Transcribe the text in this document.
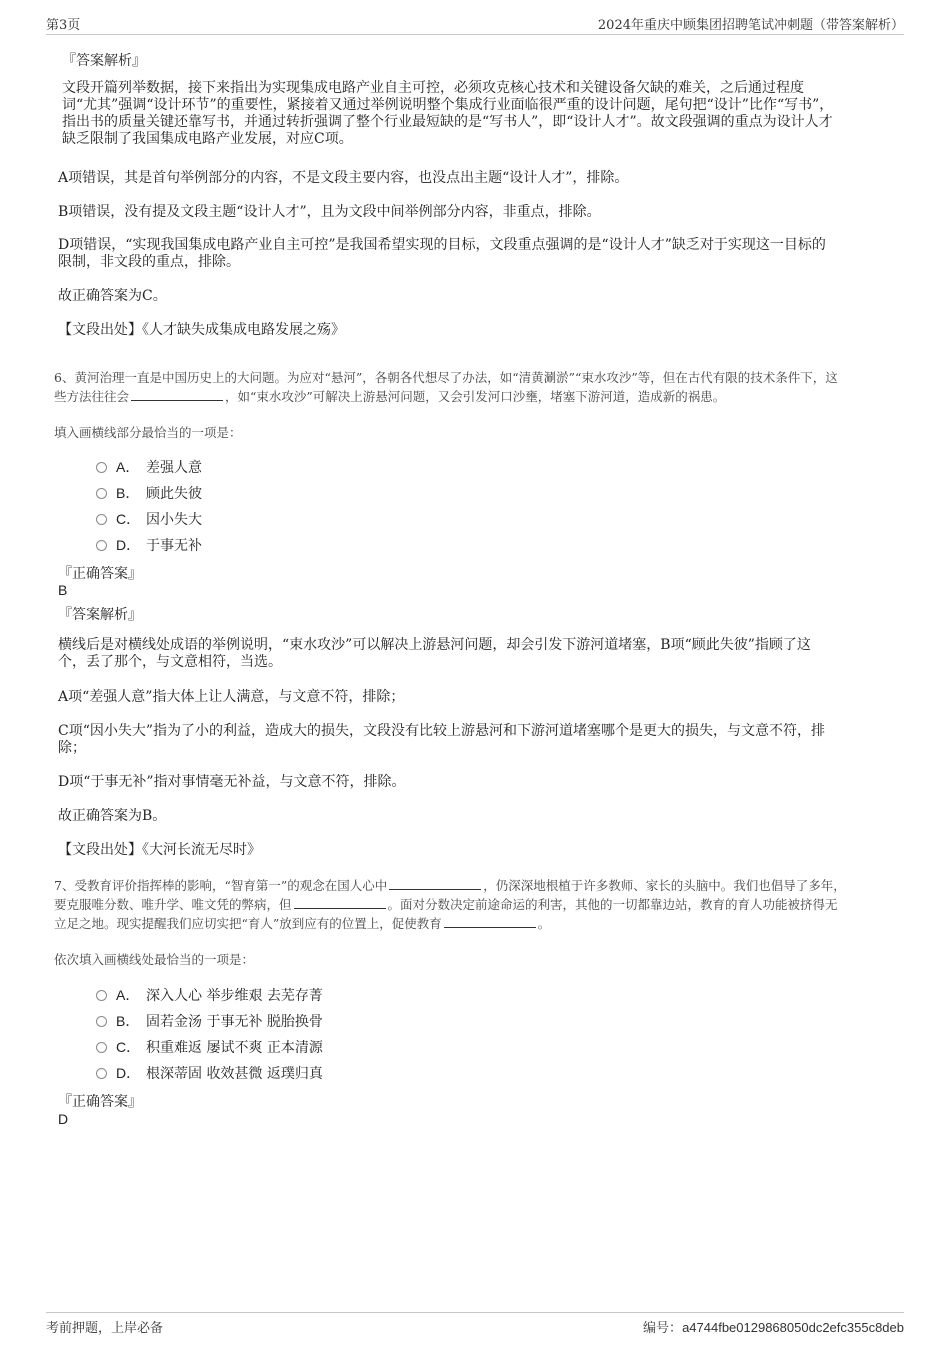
第3页	2024年重庆中顾集团招聘笔试冲刺题（带答案解析）
『答案解析』
文段开篇列举数据，接下来指出为实现集成电路产业自主可控，必须攻克核心技术和关键设备欠缺的难关，之后通过程度
词“尤其”强调“设计环节”的重要性，紧接着又通过举例说明整个集成行业面临很严重的设计问题，尾句把“设计”比作“写书”，
指出书的质量关键还靠写书，并通过转折强调了整个行业最短缺的是“写书人”，即“设计人才”。故文段强调的重点为设计人才
缺乏限制了我国集成电路产业发展，对应C项。
A项错误，其是首句举例部分的内容，不是文段主要内容，也没点出主题“设计人才”，排除。
B项错误，没有提及文段主题“设计人才”，且为文段中间举例部分内容，非重点，排除。
D项错误，“实现我国集成电路产业自主可控”是我国希望实现的目标，文段重点强调的是“设计人才”缺乏对于实现这一目标的
限制，非文段的重点，排除。
故正确答案为C。
【文段出处】《人才缺失成集成电路发展之殇》
6、黄河治理一直是中国历史上的大问题。为应对“悬河”，各朝各代想尽了办法，如“清黄涮淤”“束水攻沙”等，但在古代有限的技术条件下，这
些方法往往会	，如“束水攻沙”可解决上游悬河问题，又会引发河口沙壅，堵塞下游河道，造成新的祸患。
填入画横线部分最恰当的一项是：
A． 差强人意
B． 顾此失彼
C． 因小失大
D． 于事无补
『正确答案』
B
『答案解析』
横线后是对横线处成语的举例说明，“束水攻沙”可以解决上游悬河问题，却会引发下游河道堵塞，B项“顾此失彼”指顾了这
个，丢了那个，与文意相符，当选。
A项“差强人意”指大体上让人满意，与文意不符，排除；
C项“因小失大”指为了小的利益，造成大的损失，文段没有比较上游悬河和下游河道堵塞哪个是更大的损失，与文意不符，排
除；
D项“于事无补”指对事情毫无补益，与文意不符，排除。
故正确答案为B。
【文段出处】《大河长流无尽时》
7、受教育评价指挥棒的影响，“智育第一”的观念在国人心中	，仍深深地根植于许多教师、家长的头脑中。我们也倡导了多年，
要克服唯分数、唯升学、唯文凭的弊病，但	。面对分数决定前途命运的利害，其他的一切都靠边站，教育的育人功能被挤得无
立足之地。现实提醒我们应切实把“育人”放到应有的位置上，促使教育	。
依次填入画横线处最恰当的一项是：
A． 深入人心 举步维艰 去芜存菁
B． 固若金汤 于事无补 脱胎换骨
C． 积重难返 屡试不爽 正本清源
D． 根深蒂固 收效甚微 返璞归真
『正确答案』
D
考前押题，上岸必备	编号：a4744fbe0129868050dc2efc355c8deb
